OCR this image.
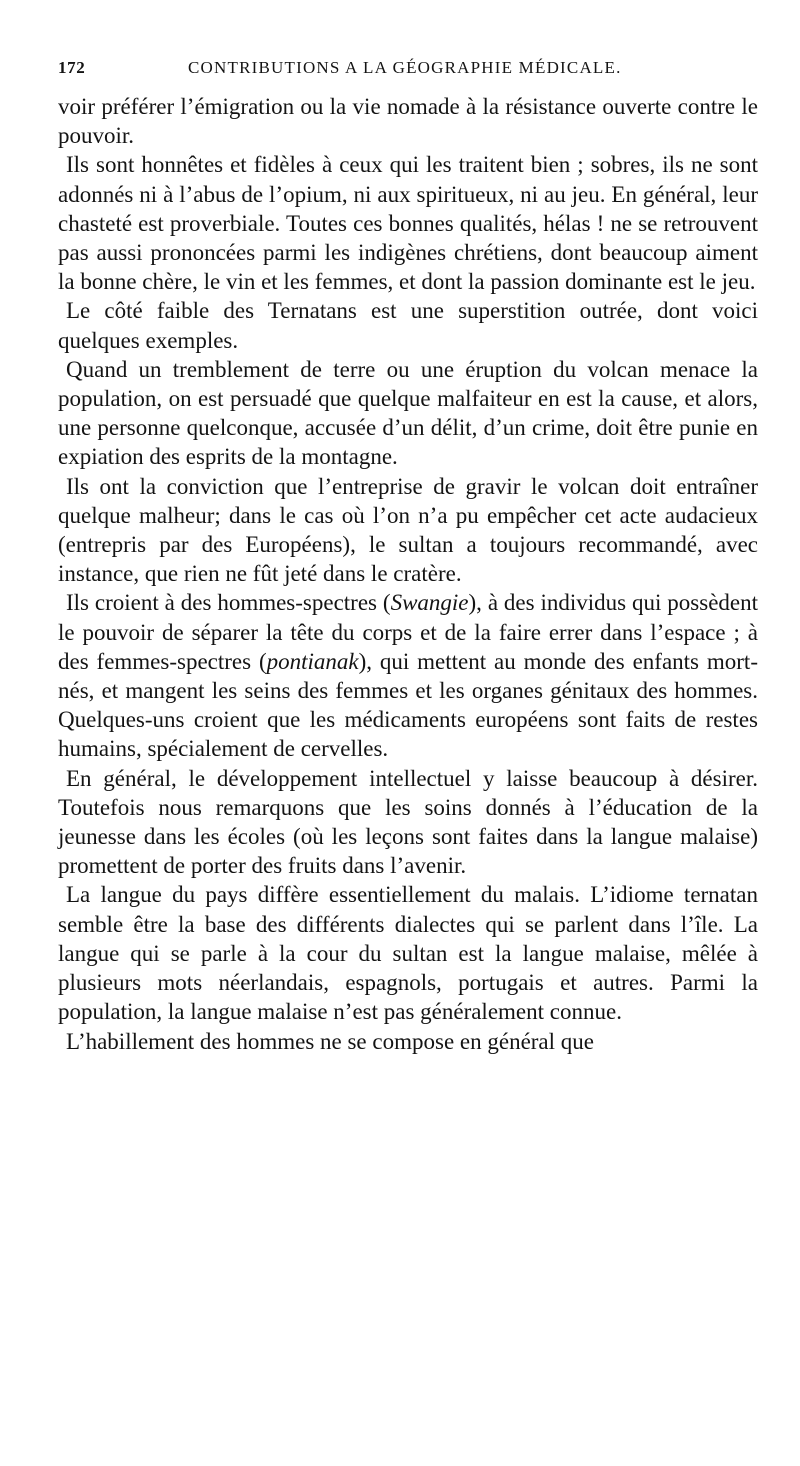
172	CONTRIBUTIONS A LA GÉOGRAPHIE MÉDICALE.

voir préférer l’émigration ou la vie nomade à la résistance ouverte contre le pouvoir.

Ils sont honnêtes et fidèles à ceux qui les traitent bien ; sobres, ils ne sont adonnés ni à l’abus de l’opium, ni aux spiritueux, ni au jeu. En général, leur chasteté est proverbiale. Toutes ces bonnes qualités, hélas ! ne se retrouvent pas aussi prononcées parmi les indigènes chrétiens, dont beaucoup aiment la bonne chère, le vin et les femmes, et dont la passion dominante est le jeu.

Le côté faible des Ternatans est une superstition outrée, dont voici quelques exemples.

Quand un tremblement de terre ou une éruption du volcan menace la population, on est persuadé que quelque malfaiteur en est la cause, et alors, une personne quelconque, accusée d’un délit, d’un crime, doit être punie en expiation des esprits de la montagne.

Ils ont la conviction que l’entreprise de gravir le volcan doit entraîner quelque malheur; dans le cas où l’on n’a pu empêcher cet acte audacieux (entrepris par des Européens), le sultan a toujours recommandé, avec instance, que rien ne fût jeté dans le cratère.

Ils croient à des hommes-spectres (Swangie), à des individus qui possèdent le pouvoir de séparer la tête du corps et de la faire errer dans l’espace ; à des femmes-spectres (pontianak), qui mettent au monde des enfants mort-nés, et mangent les seins des femmes et les organes génitaux des hommes. Quelques-uns croient que les médicaments européens sont faits de restes humains, spécialement de cervelles.

En général, le développement intellectuel y laisse beaucoup à désirer. Toutefois nous remarquons que les soins donnés à l’éducation de la jeunesse dans les écoles (où les leçons sont faites dans la langue malaise) promettent de porter des fruits dans l’avenir.

La langue du pays diffère essentiellement du malais. L’idiome ternatan semble être la base des différents dialectes qui se parlent dans l’île. La langue qui se parle à la cour du sultan est la langue malaise, mêlée à plusieurs mots néerlandais, espagnols, portugais et autres. Parmi la population, la langue malaise n’est pas généralement connue.

L’habillement des hommes ne se compose en général que
